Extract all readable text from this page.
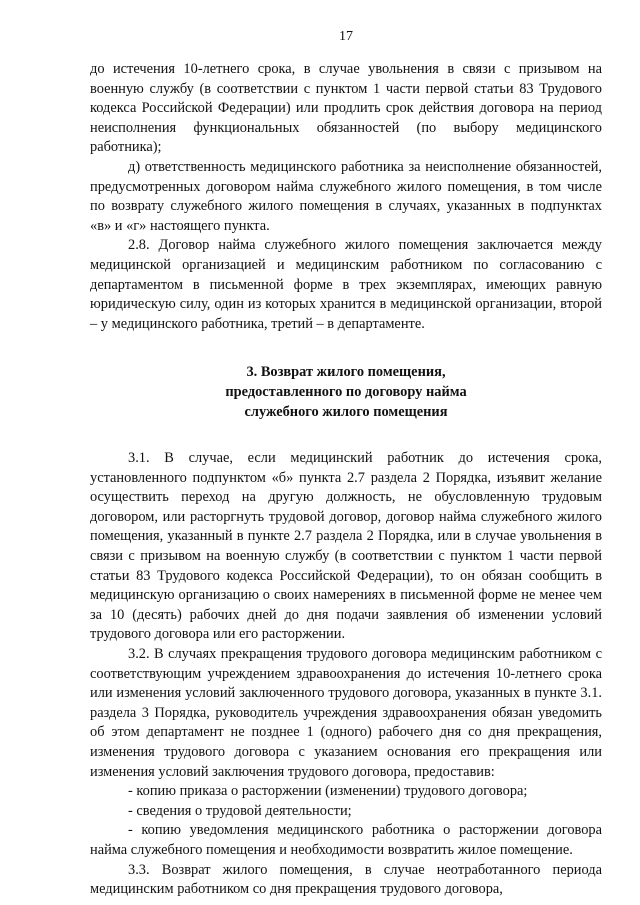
17

до истечения 10-летнего срока, в случае увольнения в связи с призывом на военную службу (в соответствии с пунктом 1 части первой статьи 83 Трудового кодекса Российской Федерации) или продлить срок действия договора на период неисполнения функциональных обязанностей (по выбору медицинского работника);

д) ответственность медицинского работника за неисполнение обязанностей, предусмотренных договором найма служебного жилого помещения, в том числе по возврату служебного жилого помещения в случаях, указанных в подпунктах «в» и «г» настоящего пункта.

2.8. Договор найма служебного жилого помещения заключается между медицинской организацией и медицинским работником по согласованию с департаментом в письменной форме в трех экземплярах, имеющих равную юридическую силу, один из которых хранится в медицинской организации, второй – у медицинского работника, третий – в департаменте.

3. Возврат жилого помещения,
предоставленного по договору найма
служебного жилого помещения

3.1. В случае, если медицинский работник до истечения срока, установленного подпунктом «б» пункта 2.7 раздела 2 Порядка, изъявит желание осуществить переход на другую должность, не обусловленную трудовым договором, или расторгнуть трудовой договор, договор найма служебного жилого помещения, указанный в пункте 2.7 раздела 2 Порядка, или в случае увольнения в связи с призывом на военную службу (в соответствии с пунктом 1 части первой статьи 83 Трудового кодекса Российской Федерации), то он обязан сообщить в медицинскую организацию о своих намерениях в письменной форме не менее чем за 10 (десять) рабочих дней до дня подачи заявления об изменении условий трудового договора или его расторжении.

3.2. В случаях прекращения трудового договора медицинским работником с соответствующим учреждением здравоохранения до истечения 10-летнего срока или изменения условий заключенного трудового договора, указанных в пункте 3.1. раздела 3 Порядка, руководитель учреждения здравоохранения обязан уведомить об этом департамент не позднее 1 (одного) рабочего дня со дня прекращения, изменения трудового договора с указанием основания его прекращения или изменения условий заключения трудового договора, предоставив:

- копию приказа о расторжении (изменении) трудового договора;

- сведения о трудовой деятельности;

- копию уведомления медицинского работника о расторжении договора найма служебного помещения и необходимости возвратить жилое помещение.

3.3. Возврат жилого помещения, в случае неотработанного периода медицинским работником со дня прекращения трудового договора,
